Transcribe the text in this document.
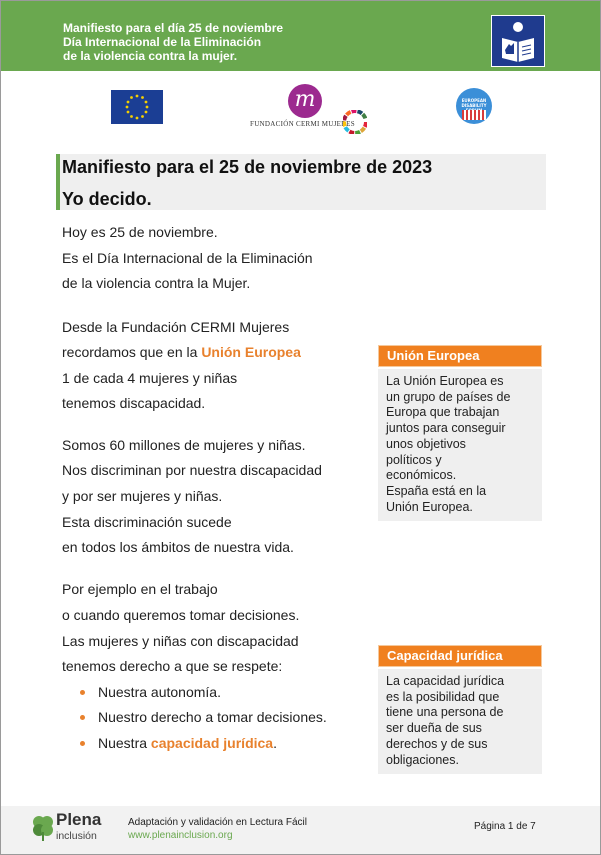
Manifiesto para el día 25 de noviembre
Día Internacional de la Eliminación
de la violencia contra la mujer.
m
FUNDACIÓN CERMI MUJERES
EUROPEAN DISABILITY
Manifiesto para el 25 de noviembre de 2023
Yo decido.
Hoy es 25 de noviembre.
Es el Día Internacional de la Eliminación
de la violencia contra la Mujer.
Desde la Fundación CERMI Mujeres
recordamos que en la Unión Europea
1 de cada 4 mujeres y niñas
tenemos discapacidad.
Somos 60 millones de mujeres y niñas.
Nos discriminan por nuestra discapacidad
y por ser mujeres y niñas.
Esta discriminación sucede
en todos los ámbitos de nuestra vida.
Por ejemplo en el trabajo
o cuando queremos tomar decisiones.
Las mujeres y niñas con discapacidad
tenemos derecho a que se respete:
Nuestra autonomía.
Nuestro derecho a tomar decisiones.
Nuestra capacidad jurídica.
Unión Europea
La Unión Europea es
un grupo de países de
Europa que trabajan
juntos para conseguir
unos objetivos
políticos y
económicos.
España está en la
Unión Europea.
Capacidad jurídica
La capacidad jurídica
es la posibilidad que
tiene una persona de
ser dueña de sus
derechos y de sus
obligaciones.
Plena
inclusión
Adaptación y validación en Lectura Fácil
www.plenainclusion.org
Página 1 de 7
